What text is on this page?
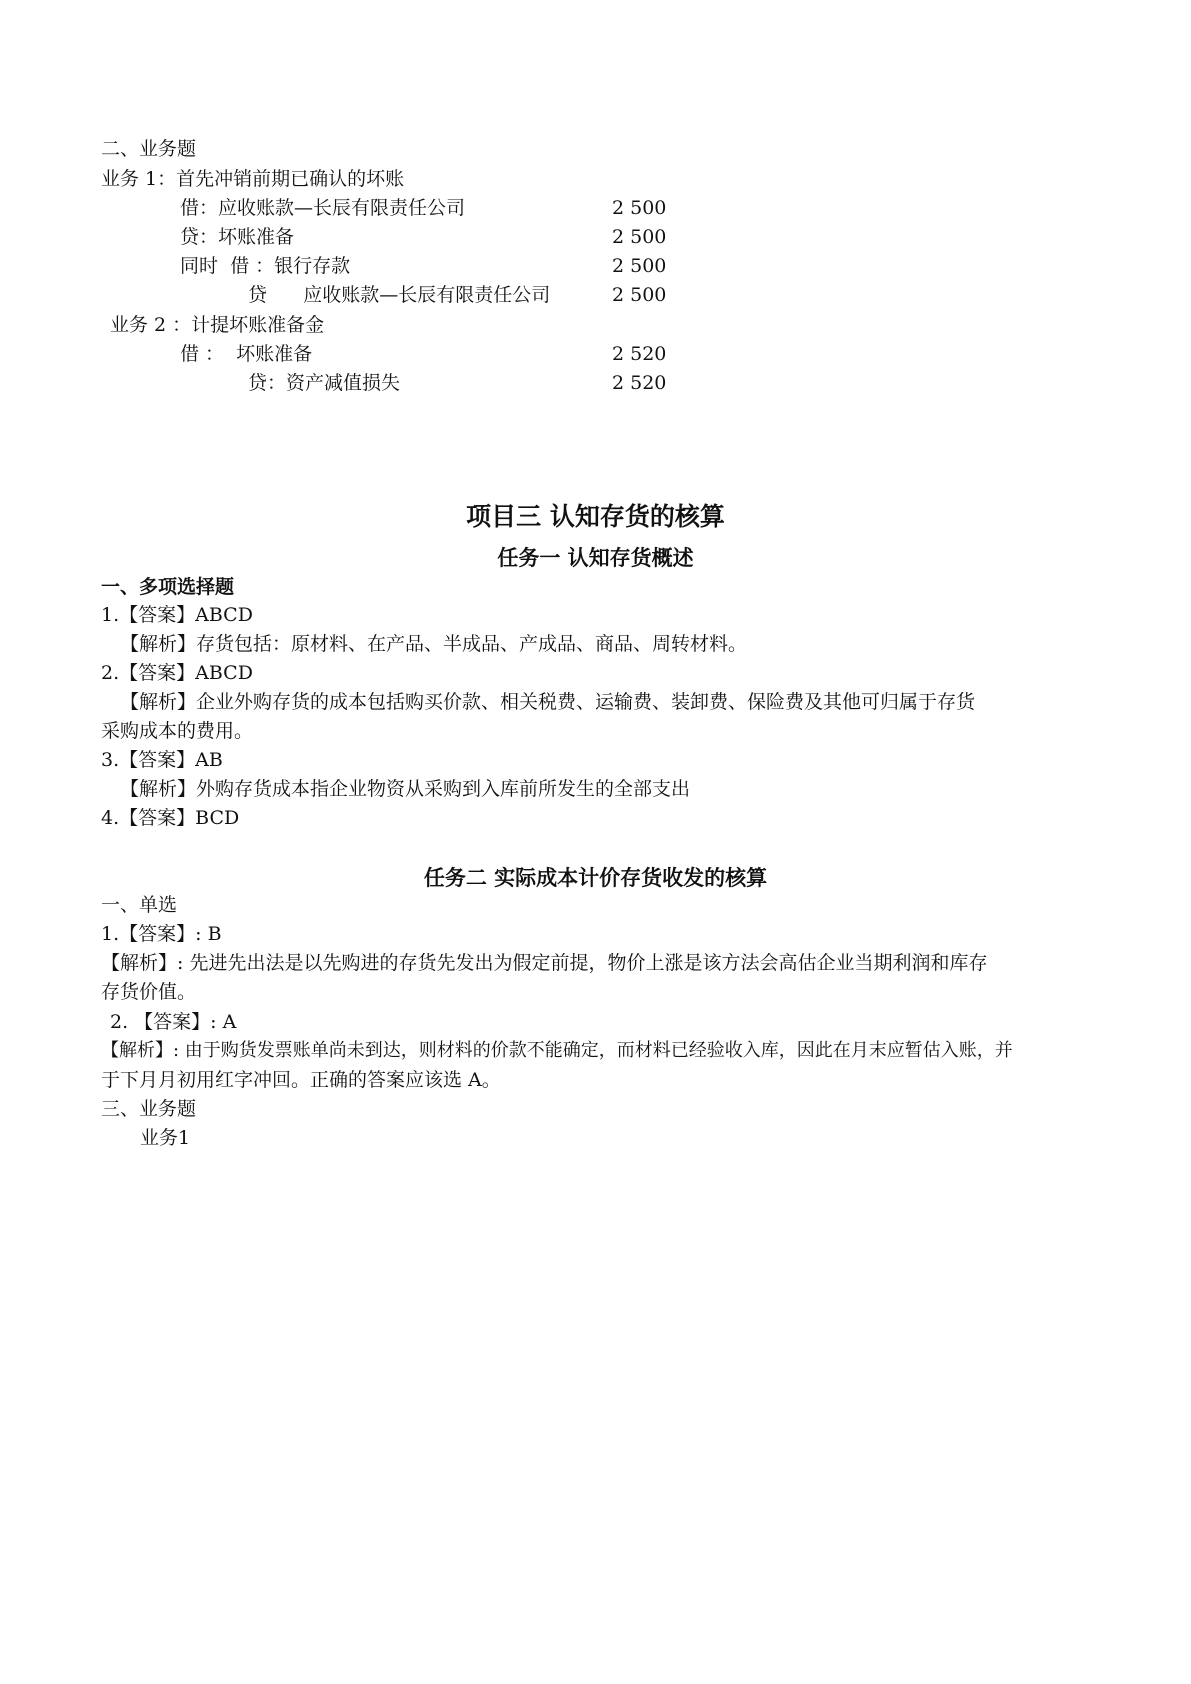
二、业务题
业务 1：首先冲销前期已确认的坏账
借：应收账款—长辰有限责任公司	2 500
贷：坏账准备	2 500
同时  借 ：银行存款	2 500
贷      应收账款—长辰有限责任公司	2 500
业务 2 ：计提坏账准备金
借 ：  坏账准备	2 520
贷：资产减值损失	2 520
项目三 认知存货的核算
任务一 认知存货概述
一、多项选择题
1.【答案】ABCD
【解析】存货包括：原材料、在产品、半成品、产成品、商品、周转材料。
2.【答案】ABCD
【解析】企业外购存货的成本包括购买价款、相关税费、运输费、装卸费、保险费及其他可归属于存货
采购成本的费用。
3.【答案】AB
【解析】外购存货成本指企业物资从采购到入库前所发生的全部支出
4.【答案】BCD
任务二 实际成本计价存货收发的核算
一、单选
1.【答案】: B
【解析】: 先进先出法是以先购进的存货先发出为假定前提，物价上涨是该方法会高估企业当期利润和库存
存货价值。
2. 【答案】: A
【解析】: 由于购货发票账单尚未到达，则材料的价款不能确定，而材料已经验收入库，因此在月末应暂估入账，并
于下月月初用红字冲回。正确的答案应该选 A。
三、业务题
业务1
